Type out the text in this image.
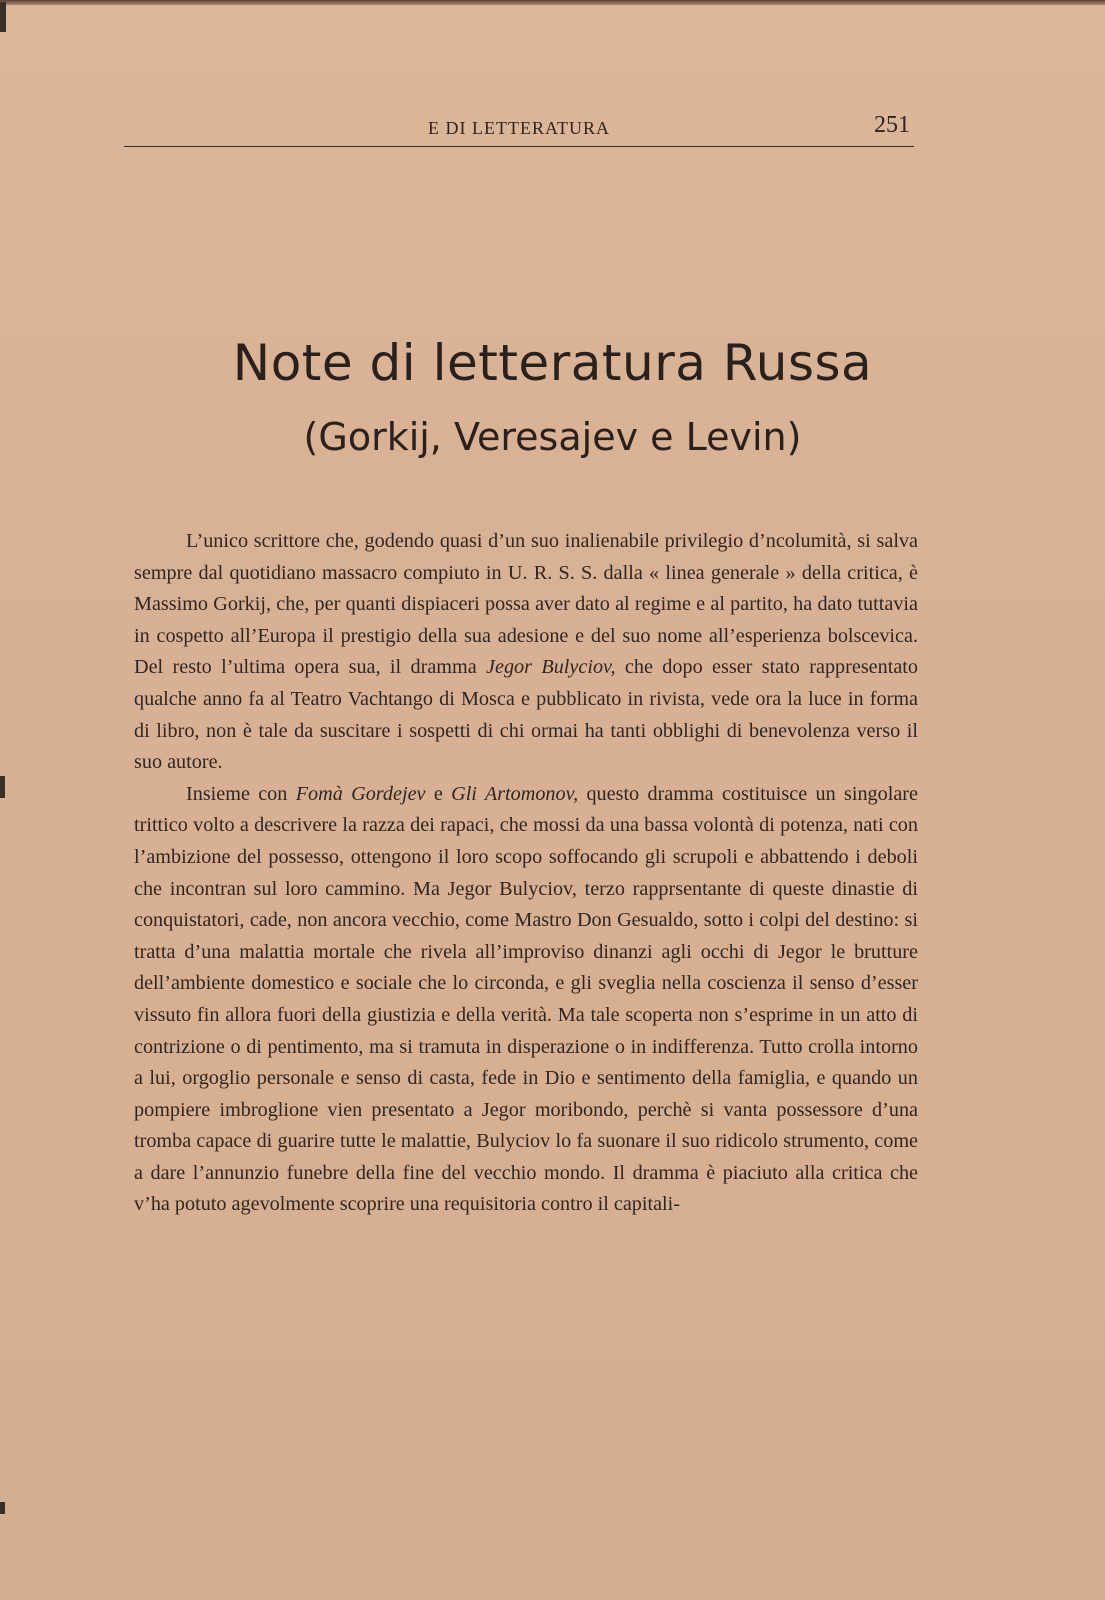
E DI LETTERATURA	251
Note di letteratura Russa
(Gorkij, Veresajev e Levin)

L’unico scrittore che, godendo quasi d’un suo inalienabile privilegio d’ncolumità, si salva sempre dal quotidiano massacro compiuto in U. R. S. S. dalla « linea generale » della critica, è Massimo Gorkij, che, per quanti dispiaceri possa aver dato al regime e al partito, ha dato tuttavia in cospetto all’Europa il prestigio della sua adesione e del suo nome all’esperienza bolscevica. Del resto l’ultima opera sua, il dramma Jegor Bulyciov, che dopo esser stato rappresentato qualche anno fa al Teatro Vachtango di Mosca e pubblicato in rivista, vede ora la luce in forma di libro, non è tale da suscitare i sospetti di chi ormai ha tanti obblighi di benevolenza verso il suo autore.

Insieme con Fomà Gordejev e Gli Artomonov, questo dramma costituisce un singolare trittico volto a descrivere la razza dei rapaci, che mossi da una bassa volontà di potenza, nati con l’ambizione del possesso, ottengono il loro scopo soffocando gli scrupoli e abbattendo i deboli che incontran sul loro cammino. Ma Jegor Bulyciov, terzo rapprsentante di queste dinastie di conquistatori, cade, non ancora vecchio, come Mastro Don Gesualdo, sotto i colpi del destino: si tratta d’una malattia mortale che rivela all’improviso dinanzi agli occhi di Jegor le brutture dell’ambiente domestico e sociale che lo circonda, e gli sveglia nella coscienza il senso d’esser vissuto fin allora fuori della giustizia e della verità. Ma tale scoperta non s’esprime in un atto di contrizione o di pentimento, ma si tramuta in disperazione o in indifferenza. Tutto crolla intorno a lui, orgoglio personale e senso di casta, fede in Dio e sentimento della famiglia, e quando un pompiere imbroglione vien presentato a Jegor moribondo, perchè si vanta possessore d’una tromba capace di guarire tutte le malattie, Bulyciov lo fa suonare il suo ridicolo strumento, come a dare l’annunzio funebre della fine del vecchio mondo. Il dramma è piaciuto alla critica che v’ha potuto agevolmente scoprire una requisitoria contro il capitali-
